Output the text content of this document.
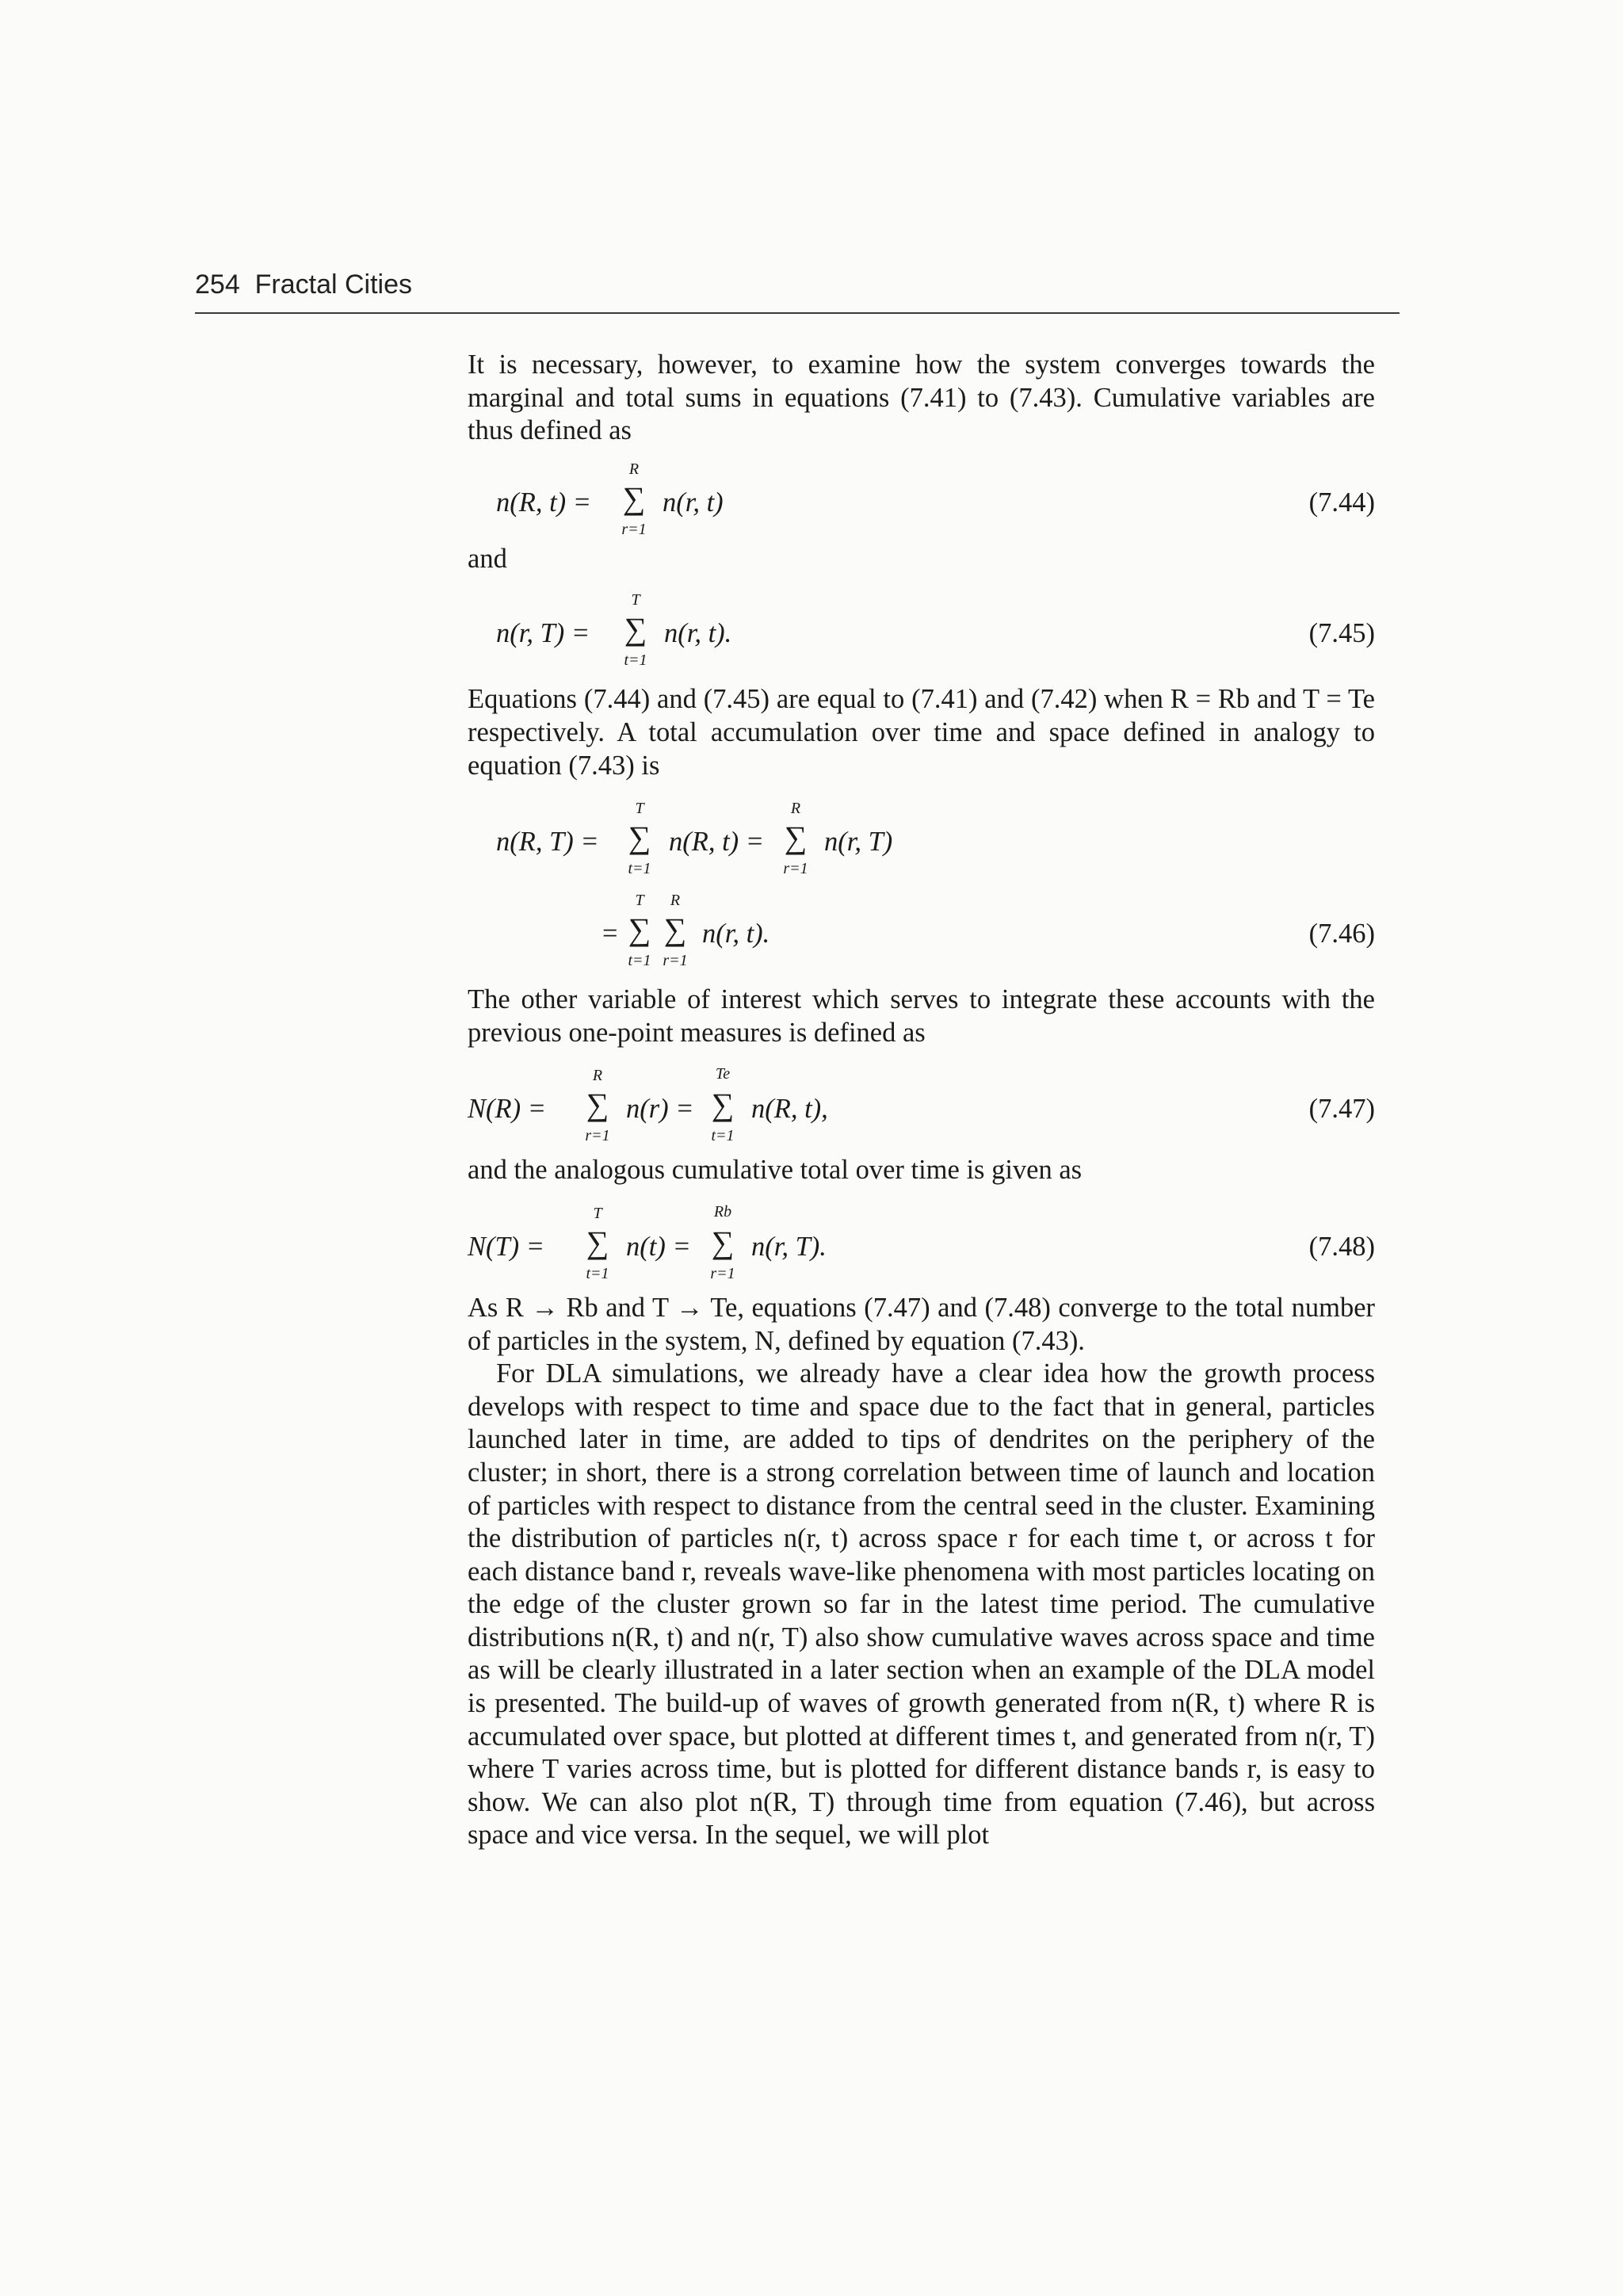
254 Fractal Cities

It is necessary, however, to examine how the system converges towards the marginal and total sums in equations (7.41) to (7.43). Cumulative variables are thus defined as

n(R, t) =
R
∑
r=1
n(r, t)	(7.44)

and

n(r, T) =
T
∑
t=1
n(r, t).	(7.45)

Equations (7.44) and (7.45) are equal to (7.41) and (7.42) when R = Rb and T = Te respectively. A total accumulation over time and space defined in analogy to equation (7.43) is

n(R, T) =
T
∑
t=1
n(R, t) =
R
∑
r=1
n(r, T)
=
T
∑
t=1
R
∑
r=1
n(r, t).	(7.46)

The other variable of interest which serves to integrate these accounts with the previous one-point measures is defined as

N(R) =
R
∑
r=1
n(r) =
Te
∑
t=1
n(R, t),	(7.47)

and the analogous cumulative total over time is given as

N(T) =
T
∑
t=1
n(t) =
Rb
∑
r=1
n(r, T).	(7.48)

As R → Rb and T → Te, equations (7.47) and (7.48) converge to the total number of particles in the system, N, defined by equation (7.43).

For DLA simulations, we already have a clear idea how the growth process develops with respect to time and space due to the fact that in general, particles launched later in time, are added to tips of dendrites on the periphery of the cluster; in short, there is a strong correlation between time of launch and location of particles with respect to distance from the central seed in the cluster. Examining the distribution of particles n(r, t) across space r for each time t, or across t for each distance band r, reveals wave-like phenomena with most particles locating on the edge of the cluster grown so far in the latest time period. The cumulative distributions n(R, t) and n(r, T) also show cumulative waves across space and time as will be clearly illustrated in a later section when an example of the DLA model is presented. The build-up of waves of growth generated from n(R, t) where R is accumulated over space, but plotted at different times t, and generated from n(r, T) where T varies across time, but is plotted for different distance bands r, is easy to show. We can also plot n(R, T) through time from equation (7.46), but across space and vice versa. In the sequel, we will plot
